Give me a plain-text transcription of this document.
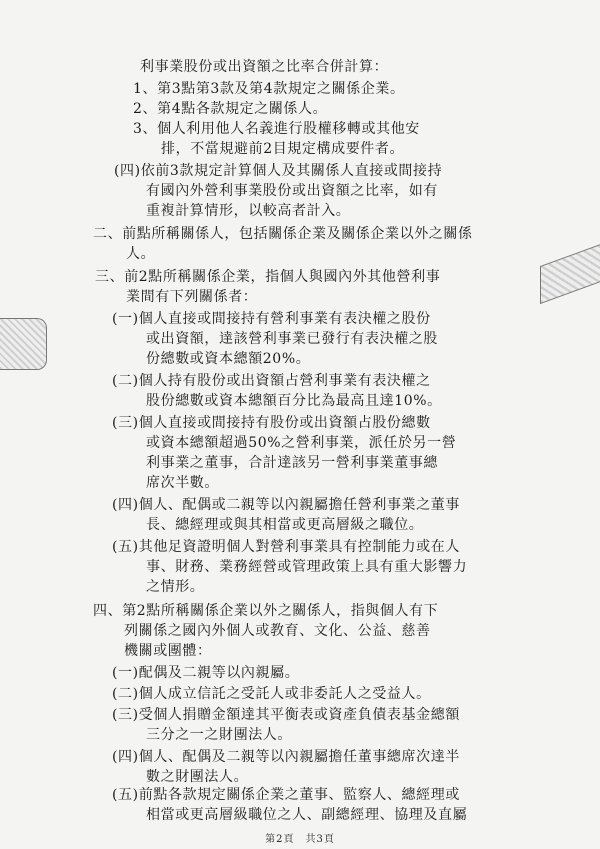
利事業股份或出資額之比率合併計算：
1、第3點第3款及第4款規定之關係企業。
2、第4點各款規定之關係人。
3、個人利用他人名義進行股權移轉或其他安
排，不當規避前2目規定構成要件者。
(四)依前3款規定計算個人及其關係人直接或間接持
有國內外營利事業股份或出資額之比率，如有
重複計算情形，以較高者計入。
二、前點所稱關係人，包括關係企業及關係企業以外之關係
人。
三、前2點所稱關係企業，指個人與國內外其他營利事
業間有下列關係者：
(一)個人直接或間接持有營利事業有表決權之股份
或出資額，達該營利事業已發行有表決權之股
份總數或資本總額20%。
(二)個人持有股份或出資額占營利事業有表決權之
股份總數或資本總額百分比為最高且達10%。
(三)個人直接或間接持有股份或出資額占股份總數
或資本總額超過50%之營利事業，派任於另一營
利事業之董事，合計達該另一營利事業董事總
席次半數。
(四)個人、配偶或二親等以內親屬擔任營利事業之董事
長、總經理或與其相當或更高層級之職位。
(五)其他足資證明個人對營利事業具有控制能力或在人
事、財務、業務經營或管理政策上具有重大影響力
之情形。
四、第2點所稱關係企業以外之關係人，指與個人有下
列關係之國內外個人或教育、文化、公益、慈善
機關或團體：
(一)配偶及二親等以內親屬。
(二)個人成立信託之受託人或非委託人之受益人。
(三)受個人捐贈金額達其平衡表或資產負債表基金總額
三分之一之財團法人。
(四)個人、配偶及二親等以內親屬擔任董事總席次達半
數之財團法人。
(五)前點各款規定關係企業之董事、監察人、總經理或
相當或更高層級職位之人、副總經理、協理及直屬
第2頁　共3頁
